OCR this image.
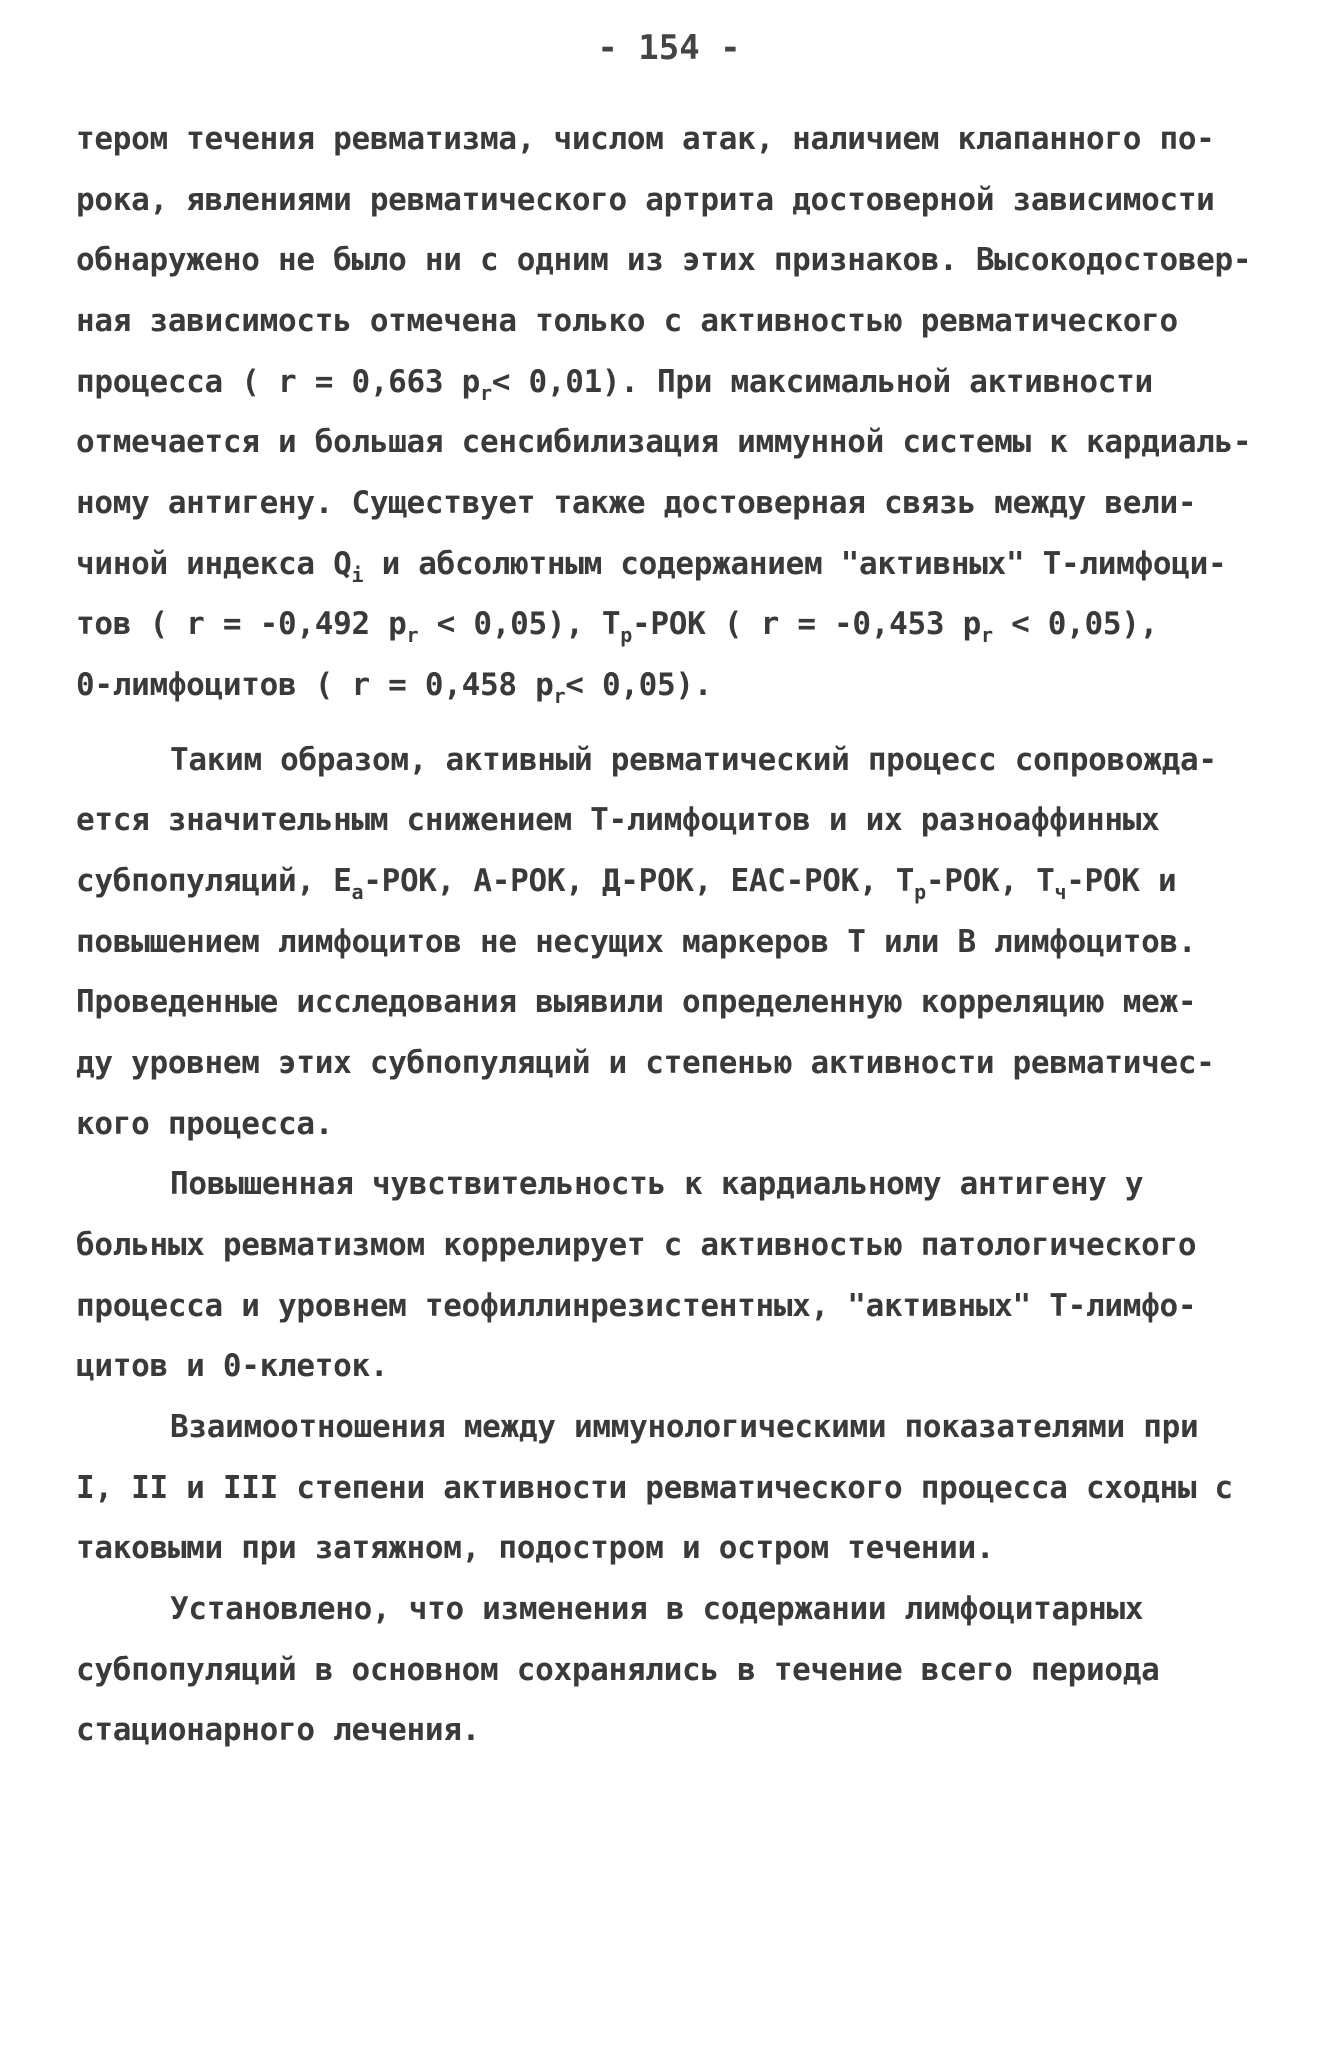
- 154 -
тером течения ревматизма, числом атак, наличием клапанного по-
рока, явлениями ревматического артрита достоверной зависимости
обнаружено не было ни с одним из этих признаков. Высокодостовер-
ная зависимость отмечена только с активностью ревматического
процесса ( r = 0,663 $p_r< 0,01$). При максимальной активности
отмечается и большая сенсибилизация иммунной системы к кардиаль-
ному антигену. Существует также достоверная связь между вели-
чиной индекса $Q_i$ и абсолютным содержанием "активных" Т-лимфоци-
тов ( r = -0,492 $p_r < 0,05$), $Т_р$-РОК ( r = -0,453 $p_r < 0,05$),
0-лимфоцитов ( r = 0,458 $p_r< 0,05$).
Таким образом, активный ревматический процесс сопровожда-
ется значительным снижением Т-лимфоцитов и их разноаффинных
субпопуляций, $Е_а$-РОК, А-РОК, Д-РОК, ЕАС-РОК, $Т_р$-РОК, $Т_ч$-РОК и
повышением лимфоцитов не несущих маркеров Т или В лимфоцитов.
Проведенные исследования выявили определенную корреляцию меж-
ду уровнем этих субпопуляций и степенью активности ревматичес-
кого процесса.
Повышенная чувствительность к кардиальному антигену у
больных ревматизмом коррелирует с активностью патологического
процесса и уровнем теофиллинрезистентных, "активных" Т-лимфо-
цитов и 0-клеток.
Взаимоотношения между иммунологическими показателями при
I, II и III степени активности ревматического процесса сходны с
таковыми при затяжном, подостром и остром течении.
Установлено, что изменения в содержании лимфоцитарных
субпопуляций в основном сохранялись в течение всего периода
стационарного лечения.
